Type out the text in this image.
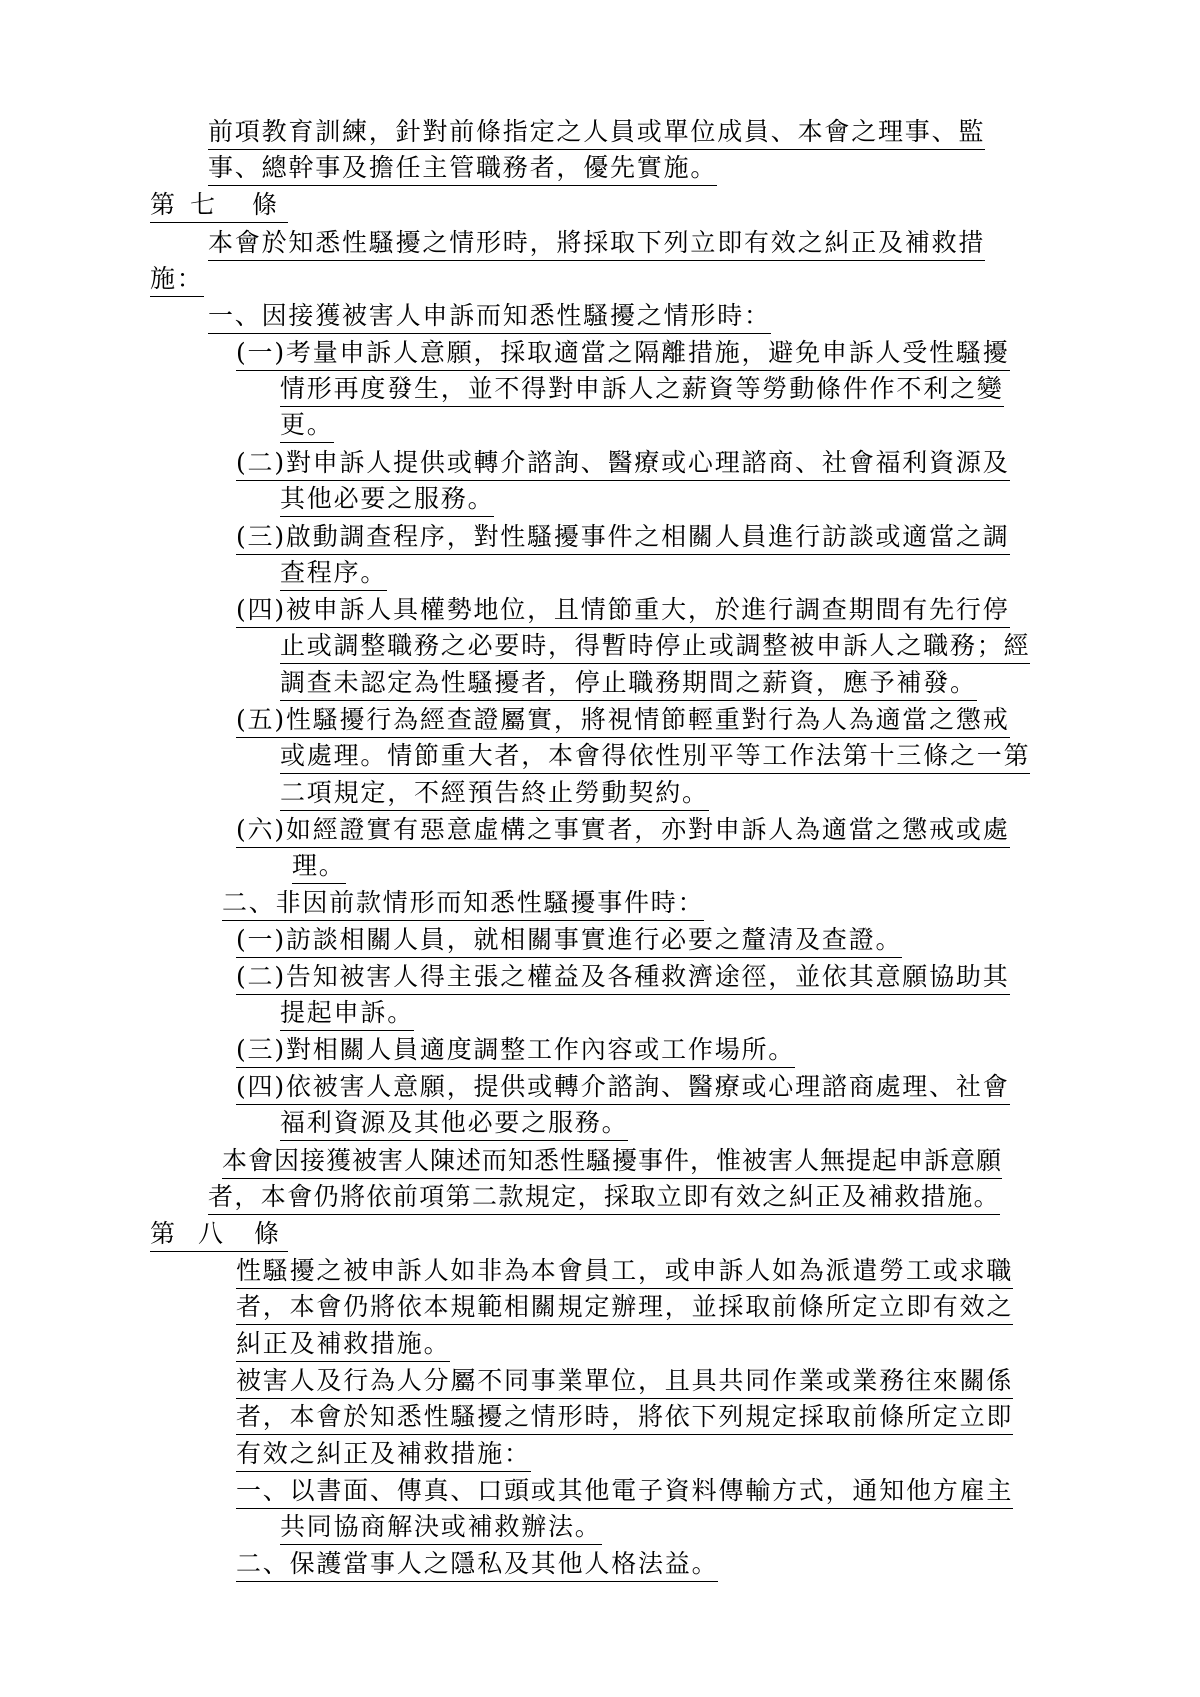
前項教育訓練，針對前條指定之人員或單位成員、本會之理事、監
事、總幹事及擔任主管職務者，優先實施。
第 七 條
本會於知悉性騷擾之情形時，將採取下列立即有效之糾正及補救措
施：
一、因接獲被害人申訴而知悉性騷擾之情形時：
(一)考量申訴人意願，採取適當之隔離措施，避免申訴人受性騷擾
情形再度發生，並不得對申訴人之薪資等勞動條件作不利之變
更。
(二)對申訴人提供或轉介諮詢、醫療或心理諮商、社會福利資源及
其他必要之服務。
(三)啟動調查程序，對性騷擾事件之相關人員進行訪談或適當之調
查程序。
(四)被申訴人具權勢地位，且情節重大，於進行調查期間有先行停
止或調整職務之必要時，得暫時停止或調整被申訴人之職務；經
調查未認定為性騷擾者，停止職務期間之薪資，應予補發。
(五)性騷擾行為經查證屬實，將視情節輕重對行為人為適當之懲戒
或處理。情節重大者，本會得依性別平等工作法第十三條之一第
二項規定，不經預告終止勞動契約。
(六)如經證實有惡意虛構之事實者，亦對申訴人為適當之懲戒或處
理。
二、非因前款情形而知悉性騷擾事件時：
(一)訪談相關人員，就相關事實進行必要之釐清及查證。
(二)告知被害人得主張之權益及各種救濟途徑，並依其意願協助其
提起申訴。
(三)對相關人員適度調整工作內容或工作場所。
(四)依被害人意願，提供或轉介諮詢、醫療或心理諮商處理、社會
福利資源及其他必要之服務。
本會因接獲被害人陳述而知悉性騷擾事件，惟被害人無提起申訴意願
者，本會仍將依前項第二款規定，採取立即有效之糾正及補救措施。
第 八 條
性騷擾之被申訴人如非為本會員工，或申訴人如為派遣勞工或求職
者，本會仍將依本規範相關規定辦理，並採取前條所定立即有效之
糾正及補救措施。
被害人及行為人分屬不同事業單位，且具共同作業或業務往來關係
者，本會於知悉性騷擾之情形時，將依下列規定採取前條所定立即
有效之糾正及補救措施：
一、以書面、傳真、口頭或其他電子資料傳輸方式，通知他方雇主
共同協商解決或補救辦法。
二、保護當事人之隱私及其他人格法益。
